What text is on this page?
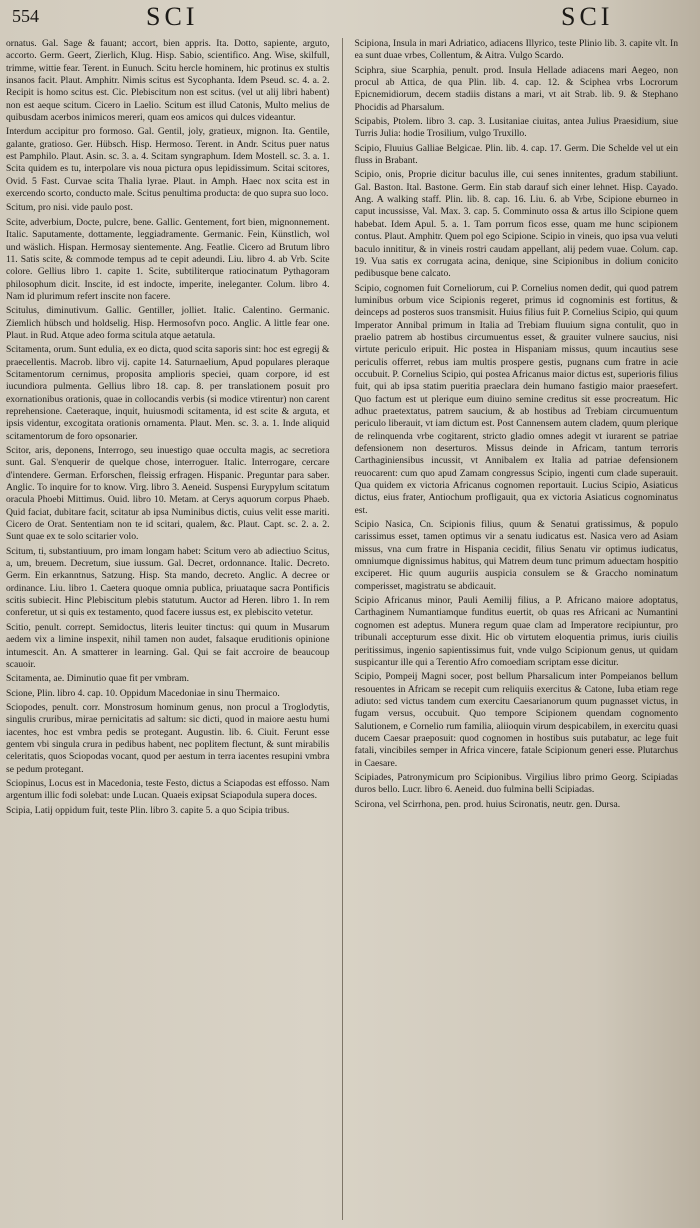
554	SCI	SCI

ornatus. Gal. Sage & fauant; accort, bien appris. Ita. Dotto, sapiente, arguto, accorto. Germ. Geert, Zierlich, Klug. Hisp. Sabio, scientifico. Ang. Wise, skilfull, trimme, wittie fear. Terent. in Eunuch. Scitu hercle hominem, hic protinus ex stultis insanos facit. Plaut. Amphitr. Nimis scitus est Sycophanta. Idem Pseud. sc. 4. a. 2. Recipit is homo scitus est. Cic. Plebiscitum non est scitus. (vel ut alij libri habent) non est aeque scitum. Cicero in Laelio. Scitum est illud Catonis, Multo melius de quibusdam acerbos inimicos mereri, quam eos amicos qui dulces videantur.

Interdum accipitur pro formoso. Gal. Gentil, joly, gratieux, mignon. Ita. Gentile, galante, gratioso. Ger. Hübsch. Hisp. Hermoso. Terent. in Andr. Scitus puer natus est Pamphilo. Plaut. Asin. sc. 3. a. 4. Scitam syngraphum. Idem Mostell. sc. 3. a. 1. Scita quidem es tu, interpolare vis noua pictura opus lepidissimum. Scitai scitores, Ovid. 5 Fast. Curvae scita Thalia lyrae. Plaut. in Amph. Haec nox scita est in exercendo scorto, conducto male. Scitus penultima producta: de quo supra suo loco.

Scitum, pro nisi. vide paulo post.

Scite, adverbium, Docte, pulcre, bene. Gallic. Gentement, fort bien, mignonnement. Italic. Saputamente, dottamente, leggiadramente. Germanic. Fein, Künstlich, wol und wäslich. Hispan. Hermosay sientemente. Ang. Featlie. Cicero ad Brutum libro 11. Satis scite, & commode tempus ad te cepit adeundi. Liu. libro 4. ab Vrb. Scite colore. Gellius libro 1. capite 1. Scite, subtiliterque ratiocinatum Pythagoram philosophum dicit. Inscite, id est indocte, imperite, ineleganter. Colum. libro 4. Nam id plurimum refert inscite non facere.

Scitulus, diminutivum. Gallic. Gentiller, jolliet. Italic. Calentino. Germanic. Ziemlich hübsch und holdselig. Hisp. Hermosofvn poco. Anglic. A little fear one. Plaut. in Rud. Atque adeo forma scitula atque aetatula.

Scitamenta, orum. Sunt edulia, ex eo dicta, quod scita saporis sint: hoc est egregij & praecellentis. Macrob. libro vij. capite 14. Saturnaelium, Apud populares pleraque Scitamentorum cernimus, proposita amplioris speciei, quam corpore, id est iucundiora pulmenta. Gellius libro 18. cap. 8. per translationem posuit pro exornationibus orationis, quae in collocandis verbis (si modice vtirentur) non carent reprehensione. Caeteraque, inquit, huiusmodi scitamenta, id est scite & arguta, et ipsis videntur, excogitata orationis ornamenta. Plaut. Men. sc. 3. a. 1. Inde aliquid scitamentorum de foro opsonarier.

Scitor, aris, deponens, Interrogo, seu inuestigo quae occulta magis, ac secretiora sunt. Gal. S'enquerir de quelque chose, interroguer. Italic. Interrogare, cercare d'intendere. German. Erforschen, fleissig erfragen. Hispanic. Preguntar para saber. Anglic. To inquire for to know. Virg. libro 3. Aeneid. Suspensi Eurypylum scitatum oracula Phoebi Mittimus. Ouid. libro 10. Metam. at Cerys aquorum corpus Phaeb. Quid faciat, dubitare facit, scitatur ab ipsa Numinibus dictis, cuius velit esse mariti. Cicero de Orat. Sententiam non te id scitari, qualem, &c. Plaut. Capt. sc. 2. a. 2. Sunt quae ex te solo scitarier volo.

Scitum, ti, substantiuum, pro imam longam habet: Scitum vero ab adiectiuo Scitus, a, um, breuem. Decretum, siue iussum. Gal. Decret, ordonnance. Italic. Decreto. Germ. Ein erkanntnus, Satzung. Hisp. Sta mando, decreto. Anglic. A decree or ordinance. Liu. libro 1. Caetera quoque omnia publica, priuataque sacra Pontificis scitis subiecit. Hinc Plebiscitum plebis statutum. Auctor ad Heren. libro 1. In rem conferetur, ut si quis ex testamento, quod facere iussus est, ex plebiscito vetetur.

Scitio, penult. corrept. Semidoctus, literis leuiter tinctus: qui quum in Musarum aedem vix a limine inspexit, nihil tamen non audet, falsaque eruditionis opinione intumescit. An. A smatterer in learning. Gal. Qui se fait accroire de beaucoup scauoir.

Scitamenta, ae. Diminutio quae fit per vmbram.

Scione, Plin. libro 4. cap. 10. Oppidum Macedoniae in sinu Thermaico.

Sciopodes, penult. corr. Monstrosum hominum genus, non procul a Troglodytis, singulis cruribus, mirae pernicitatis ad saltum: sic dicti, quod in maiore aestu humi iacentes, hoc est vmbra pedis se protegant. Augustin. lib. 6. Ciuit. Ferunt esse gentem vbi singula crura in pedibus habent, nec poplitem flectunt, & sunt mirabilis celeritatis, quos Sciopodas vocant, quod per aestum in terra iacentes resupini vmbra se pedum protegant.

Sciopinus, Locus est in Macedonia, teste Festo, dictus a Sciapodas est effosso. Nam argentum illic fodi solebat: unde Lucan. Quaeis exipsat Sciapodula supera doces.

Scipia, Latij oppidum fuit, teste Plin. libro 3. capite 5. a quo Scipia tribus.

Scipiona, Insula in mari Adriatico, adiacens Illyrico, teste Plinio lib. 3. capite vlt. In ea sunt duae vrbes, Collentum, & Aitra. Vulgo Scardo.

Sciphra, siue Scarphia, penult. prod. Insula Hellade adiacens mari Aegeo, non procul ab Attica, de qua Plin. lib. 4. cap. 12. & Sciphea vrbs Locrorum Epicnemidiorum, decem stadiis distans a mari, vt ait Strab. lib. 9. & Stephano Phocidis ad Pharsalum.

Scipabis, Ptolem. libro 3. cap. 3. Lusitaniae ciuitas, antea Julius Praesidium, siue Turris Julia: hodie Trosilium, vulgo Truxillo.

Scipio, Fluuius Galliae Belgicae. Plin. lib. 4. cap. 17. Germ. Die Schelde vel ut ein fluss in Brabant.

Scipio, onis, Proprie dicitur baculus ille, cui senes innitentes, gradum stabiliunt. Gal. Baston. Ital. Bastone. Germ. Ein stab darauf sich einer lehnet. Hisp. Cayado. Ang. A walking staff. Plin. lib. 8. cap. 16. Liu. 6. ab Vrbe, Scipione eburneo in caput incussisse, Val. Max. 3. cap. 5. Comminuto ossa & artus illo Scipione quem habebat. Idem Apul. 5. a. 1. Tam porrum ficos esse, quam me hunc scipionem contus. Plaut. Amphitr. Quem pol ego Scipione. Scipio in vineis, quo ipsa vua veluti baculo innititur, & in vineis rostri caudam appellant, alij pedem vuae. Colum. cap. 19. Vua satis ex corrugata acina, denique, sine Scipionibus in dolium conicito pedibusque bene calcato.

Scipio, cognomen fuit Corneliorum, cui P. Cornelius nomen dedit, qui quod patrem luminibus orbum vice Scipionis regeret, primus id cognominis est fortitus, & deinceps ad posteros suos transmisit. Huius filius fuit P. Cornelius Scipio, qui quum Imperator Annibal primum in Italia ad Trebiam fluuium signa contulit, quo in praelio patrem ab hostibus circumuentus esset, & grauiter vulnere saucius, nisi virtute periculo eripuit. Hic postea in Hispaniam missus, quum incautius sese periculis offerret, rebus iam multis prospere gestis, pugnans cum fratre in acie occubuit. P. Cornelius Scipio, qui postea Africanus maior dictus est, superioris filius fuit, qui ab ipsa statim pueritia praeclara dein humano fastigio maior praesefert. Quo factum est ut plerique eum diuino semine creditus sit esse procreatum. Hic adhuc praetextatus, patrem saucium, & ab hostibus ad Trebiam circumuentum periculo liberauit, vt iam dictum est. Post Cannensem autem cladem, quum plerique de relinquenda vrbe cogitarent, stricto gladio omnes adegit vt iurarent se patriae defensionem non deserturos. Missus deinde in Africam, tantum terroris Carthaginiensibus incussit, vt Annibalem ex Italia ad patriae defensionem reuocarent: cum quo apud Zamam congressus Scipio, ingenti cum clade superauit. Qua quidem ex victoria Africanus cognomen reportauit. Lucius Scipio, Asiaticus dictus, eius frater, Antiochum profligauit, qua ex victoria Asiaticus cognominatus est.

Scipio Nasica, Cn. Scipionis filius, quum & Senatui gratissimus, & populo carissimus esset, tamen optimus vir a senatu iudicatus est. Nasica vero ad Asiam missus, vna cum fratre in Hispania cecidit, filius Senatu vir optimus iudicatus, omniumque dignissimus habitus, qui Matrem deum tunc primum aduectam hospitio exciperet. Hic quum auguriis auspicia consulem se & Graccho nominatum comperisset, magistratu se abdicauit.

Scipio Africanus minor, Pauli Aemilij filius, a P. Africano maiore adoptatus, Carthaginem Numantiamque funditus euertit, ob quas res Africani ac Numantini cognomen est adeptus. Munera regum quae clam ad Imperatore recipiuntur, pro tribunali accepturum esse dixit. Hic ob virtutem eloquentia primus, iuris ciuilis peritissimus, ingenio sapientissimus fuit, vnde vulgo Scipionum genus, ut quidam suspicantur ille qui a Terentio Afro comoediam scriptam esse dicitur.

Scipio, Pompeij Magni socer, post bellum Pharsalicum inter Pompeianos bellum resouentes in Africam se recepit cum reliquiis exercitus & Catone, Iuba etiam rege adiuto: sed victus tandem cum exercitu Caesarianorum quum pugnasset victus, in fugam versus, occubuit. Quo tempore Scipionem quendam cognomento Salutionem, e Cornelio rum familia, aliioquin virum despicabilem, in exercitu quasi ducem Caesar praeposuit: quod cognomen in hostibus suis putabatur, ac lege fuit fatali, vincibiles semper in Africa vincere, fatale Scipionum generi esse. Plutarchus in Caesare.

Scipiades, Patronymicum pro Scipionibus. Virgilius libro primo Georg. Scipiadas duros bello. Lucr. libro 6. Aeneid. duo fulmina belli Scipiadas.

Scirona, vel Scirrhona, pen. prod. huius Scironatis, neutr. gen. Dursa.
